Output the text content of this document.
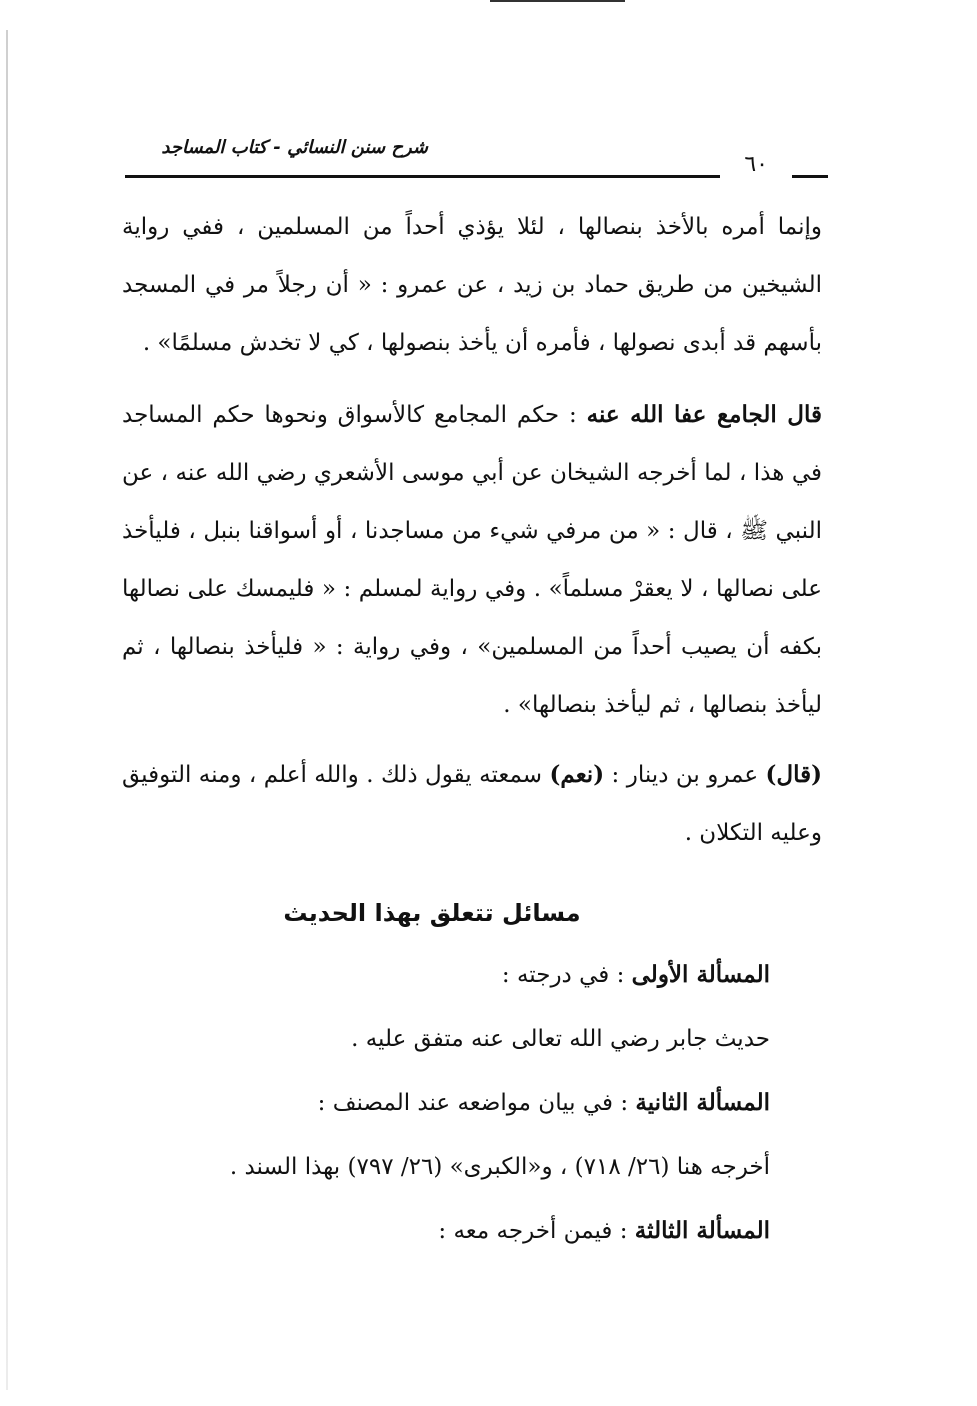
شرح سنن النسائي - كتاب المساجد
٦٠

وإنما أمره بالأخذ بنصالها ، لئلا يؤذي أحداً من المسلمين ، ففي رواية الشيخين من طريق حماد بن زيد ، عن عمرو : « أن رجلاً مر في المسجد بأسهم قد أبدى نصولها ، فأمره أن يأخذ بنصولها ، كي لا تخدش مسلمًا» .

قال الجامع عفا الله عنه : حكم المجامع كالأسواق ونحوها حكم المساجد في هذا ، لما أخرجه الشيخان عن أبي موسى الأشعري رضي الله عنه ، عن النبي ﷺ ، قال : « من مرفي شيء من مساجدنا ، أو أسواقنا بنبل ، فليأخذ على نصالها ، لا يعقرْ مسلماً» . وفي رواية لمسلم : « فليمسك على نصالها بكفه أن يصيب أحداً من المسلمين» ، وفي رواية : « فليأخذ بنصالها ، ثم ليأخذ بنصالها ، ثم ليأخذ بنصالها» .

(قال) عمرو بن دينار : (نعم) سمعته يقول ذلك . والله أعلم ، ومنه التوفيق وعليه التكلان .

مسائل تتعلق بهذا الحديث

المسألة الأولى : في درجته :

حديث جابر رضي الله تعالى عنه متفق عليه .

المسألة الثانية : في بيان مواضعه عند المصنف :

أخرجه هنا (٢٦/ ٧١٨) ، و«الكبرى» (٢٦/ ٧٩٧) بهذا السند .

المسألة الثالثة : فيمن أخرجه معه :
